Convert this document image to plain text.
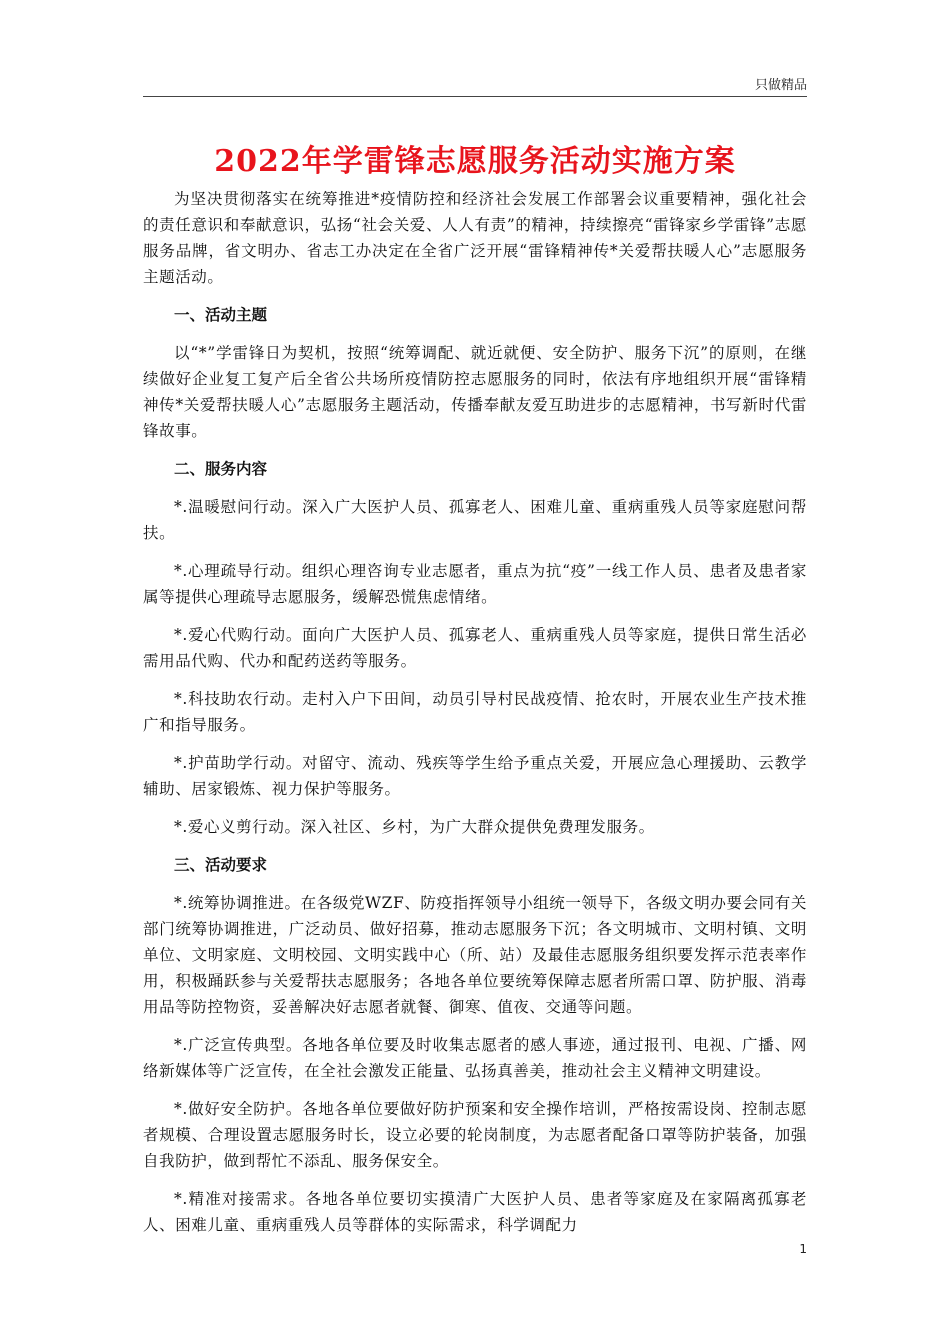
只做精品
2022年学雷锋志愿服务活动实施方案

为坚决贯彻落实在统筹推进*疫情防控和经济社会发展工作部署会议重要精神，强化社会的责任意识和奉献意识，弘扬“社会关爱、人人有责”的精神，持续擦亮“雷锋家乡学雷锋”志愿服务品牌，省文明办、省志工办决定在全省广泛开展“雷锋精神传*关爱帮扶暖人心”志愿服务主题活动。

一、活动主题

以“*”学雷锋日为契机，按照“统筹调配、就近就便、安全防护、服务下沉”的原则，在继续做好企业复工复产后全省公共场所疫情防控志愿服务的同时，依法有序地组织开展“雷锋精神传*关爱帮扶暖人心”志愿服务主题活动，传播奉献友爱互助进步的志愿精神，书写新时代雷锋故事。

二、服务内容

*.温暖慰问行动。深入广大医护人员、孤寡老人、困难儿童、重病重残人员等家庭慰问帮扶。

*.心理疏导行动。组织心理咨询专业志愿者，重点为抗“疫”一线工作人员、患者及患者家属等提供心理疏导志愿服务，缓解恐慌焦虑情绪。

*.爱心代购行动。面向广大医护人员、孤寡老人、重病重残人员等家庭，提供日常生活必需用品代购、代办和配药送药等服务。

*.科技助农行动。走村入户下田间，动员引导村民战疫情、抢农时，开展农业生产技术推广和指导服务。

*.护苗助学行动。对留守、流动、残疾等学生给予重点关爱，开展应急心理援助、云教学辅助、居家锻炼、视力保护等服务。

*.爱心义剪行动。深入社区、乡村，为广大群众提供免费理发服务。

三、活动要求

*.统筹协调推进。在各级党WZF、防疫指挥领导小组统一领导下，各级文明办要会同有关部门统筹协调推进，广泛动员、做好招募，推动志愿服务下沉；各文明城市、文明村镇、文明单位、文明家庭、文明校园、文明实践中心（所、站）及最佳志愿服务组织要发挥示范表率作用，积极踊跃参与关爱帮扶志愿服务；各地各单位要统筹保障志愿者所需口罩、防护服、消毒用品等防控物资，妥善解决好志愿者就餐、御寒、值夜、交通等问题。

*.广泛宣传典型。各地各单位要及时收集志愿者的感人事迹，通过报刊、电视、广播、网络新媒体等广泛宣传，在全社会激发正能量、弘扬真善美，推动社会主义精神文明建设。

*.做好安全防护。各地各单位要做好防护预案和安全操作培训，严格按需设岗、控制志愿者规模、合理设置志愿服务时长，设立必要的轮岗制度，为志愿者配备口罩等防护装备，加强自我防护，做到帮忙不添乱、服务保安全。

*.精准对接需求。各地各单位要切实摸清广大医护人员、患者等家庭及在家隔离孤寡老人、困难儿童、重病重残人员等群体的实际需求，科学调配力

1
